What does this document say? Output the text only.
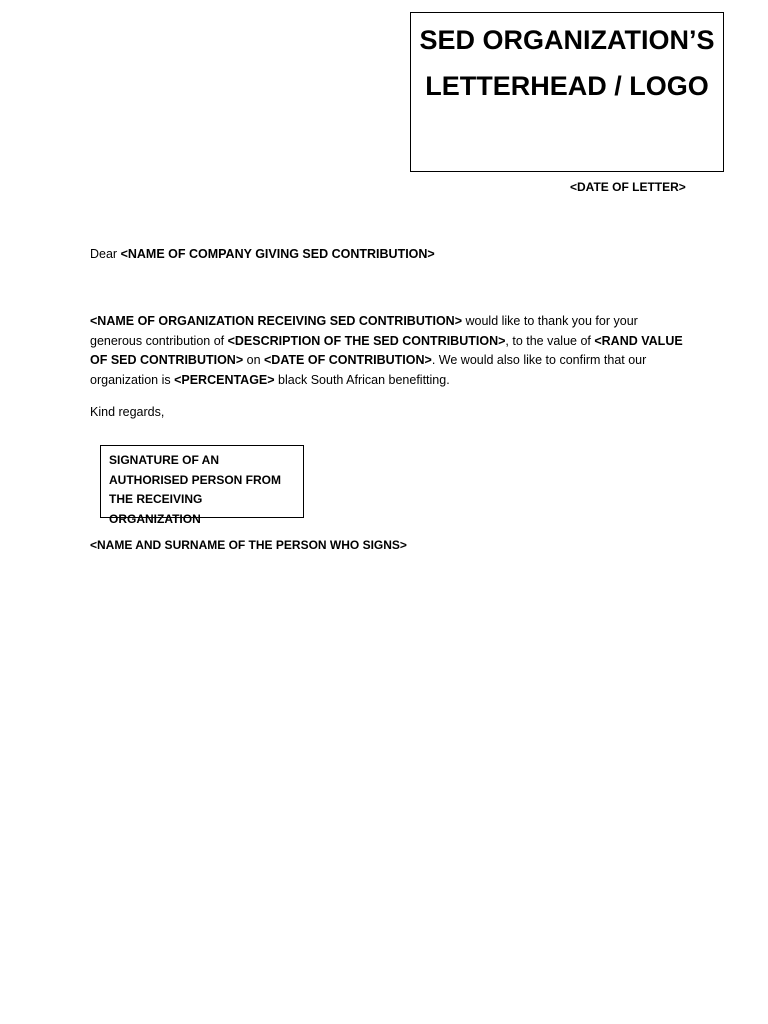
SED ORGANIZATION’S
LETTERHEAD / LOGO
<DATE OF LETTER>
Dear <NAME OF COMPANY GIVING SED CONTRIBUTION>
<NAME OF ORGANIZATION RECEIVING SED CONTRIBUTION> would like to thank you for your generous contribution of <DESCRIPTION OF THE SED CONTRIBUTION>, to the value of <RAND VALUE OF SED CONTRIBUTION> on <DATE OF CONTRIBUTION>. We would also like to confirm that our organization is <PERCENTAGE> black South African benefitting.
Kind regards,
SIGNATURE OF AN AUTHORISED PERSON FROM THE RECEIVING ORGANIZATION
<NAME AND SURNAME OF THE PERSON WHO SIGNS>
